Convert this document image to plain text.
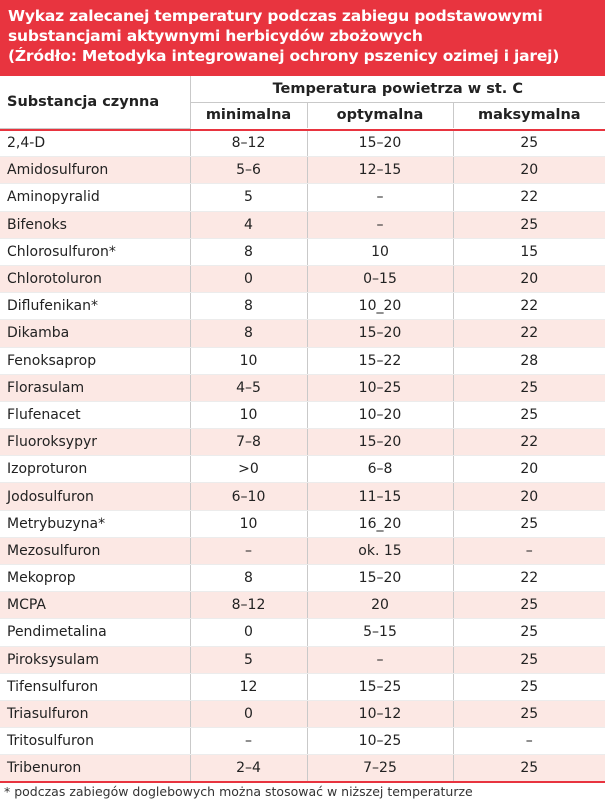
Wykaz zalecanej temperatury podczas zabiegu podstawowymi
substancjami aktywnymi herbicydów zbożowych
(Źródło: Metodyka integrowanej ochrony pszenicy ozimej i jarej)
Substancja czynna	Temperatura powietrza w st. C		
	minimalna	optymalna	maksymalna

2,4-D	8–12	15–20	25
Amidosulfuron	5–6	12–15	20
Aminopyralid	5	–	22
Bifenoks	4	–	25
Chlorosulfuron*	8	10	15
Chlorotoluron	0	0–15	20
Diflufenikan*	8	10_20	22
Dikamba	8	15–20	22
Fenoksaprop	10	15–22	28
Florasulam	4–5	10–25	25
Flufenacet	10	10–20	25
Fluoroksypyr	7–8	15–20	22
Izoproturon	>0	6–8	20
Jodosulfuron	6–10	11–15	20
Metrybuzyna*	10	16_20	25
Mezosulfuron	–	ok. 15	–
Mekoprop	8	15–20	22
MCPA	8–12	20	25
Pendimetalina	0	5–15	25
Piroksysulam	5	–	25
Tifensulfuron	12	15–25	25
Triasulfuron	0	10–12	25
Tritosulfuron	–	10–25	–
Tribenuron	2–4	7–25	25
* podczas zabiegów doglebowych można stosować w niższej temperaturze
